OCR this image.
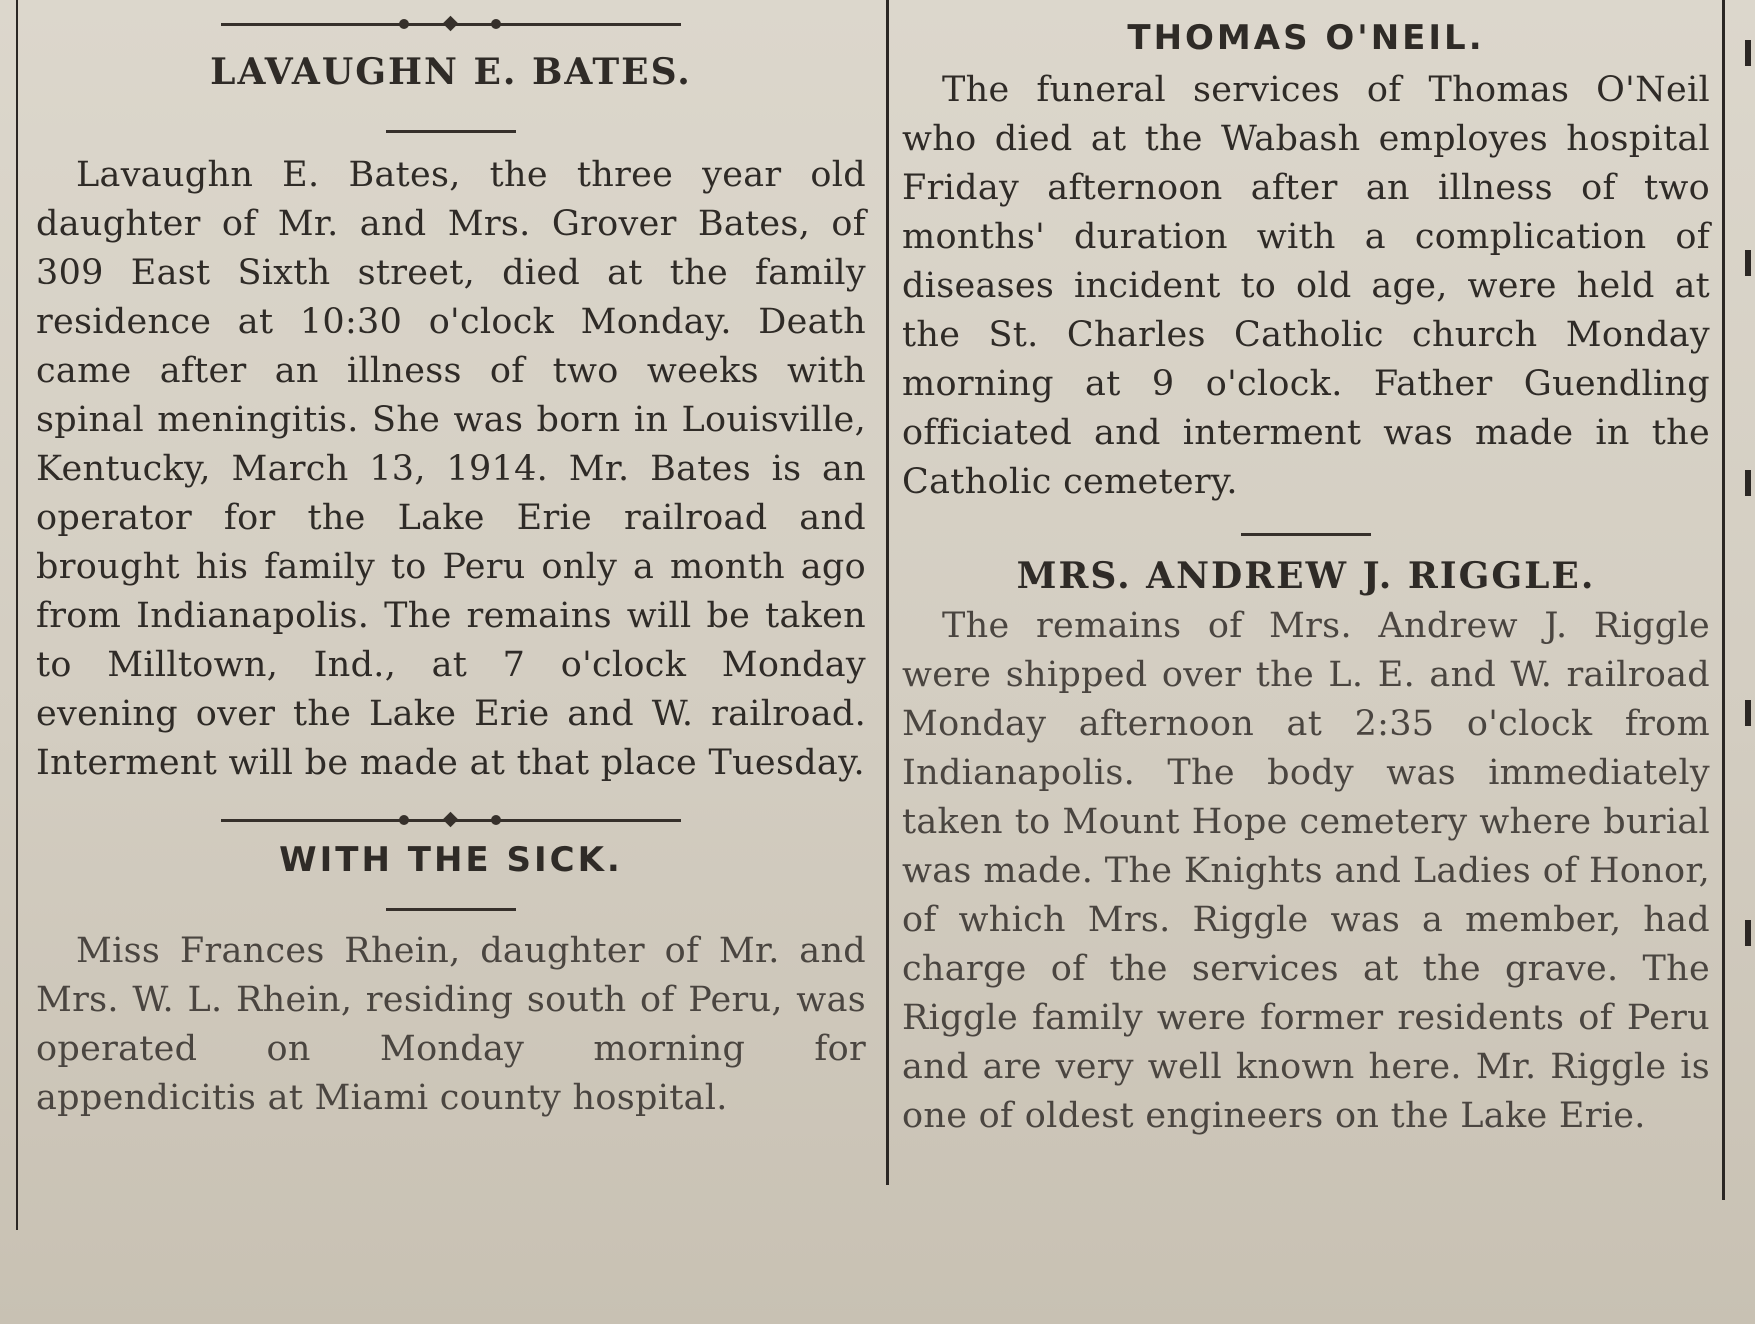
LAVAUGHN E. BATES.

Lavaughn E. Bates, the three year old daughter of Mr. and Mrs. Grover Bates, of 309 East Sixth street, died at the family residence at 10:30 o'clock Monday. Death came after an illness of two weeks with spinal meningitis. She was born in Louisville, Kentucky, March 13, 1914. Mr. Bates is an operator for the Lake Erie railroad and brought his family to Peru only a month ago from Indianapolis. The remains will be taken to Milltown, Ind., at 7 o'clock Monday evening over the Lake Erie and W. railroad. Interment will be made at that place Tuesday.

WITH THE SICK.

Miss Frances Rhein, daughter of Mr. and Mrs. W. L. Rhein, residing south of Peru, was operated on Monday morning for appendicitis at Miami county hospital.

THOMAS O'NEIL.

The funeral services of Thomas O'Neil who died at the Wabash employes hospital Friday afternoon after an illness of two months' duration with a complication of diseases incident to old age, were held at the St. Charles Catholic church Monday morning at 9 o'clock. Father Guendling officiated and interment was made in the Catholic cemetery.

MRS. ANDREW J. RIGGLE.

The remains of Mrs. Andrew J. Riggle were shipped over the L. E. and W. railroad Monday afternoon at 2:35 o'clock from Indianapolis. The body was immediately taken to Mount Hope cemetery where burial was made. The Knights and Ladies of Honor, of which Mrs. Riggle was a member, had charge of the services at the grave. The Riggle family were former residents of Peru and are very well known here. Mr. Riggle is one of oldest engineers on the Lake Erie.
